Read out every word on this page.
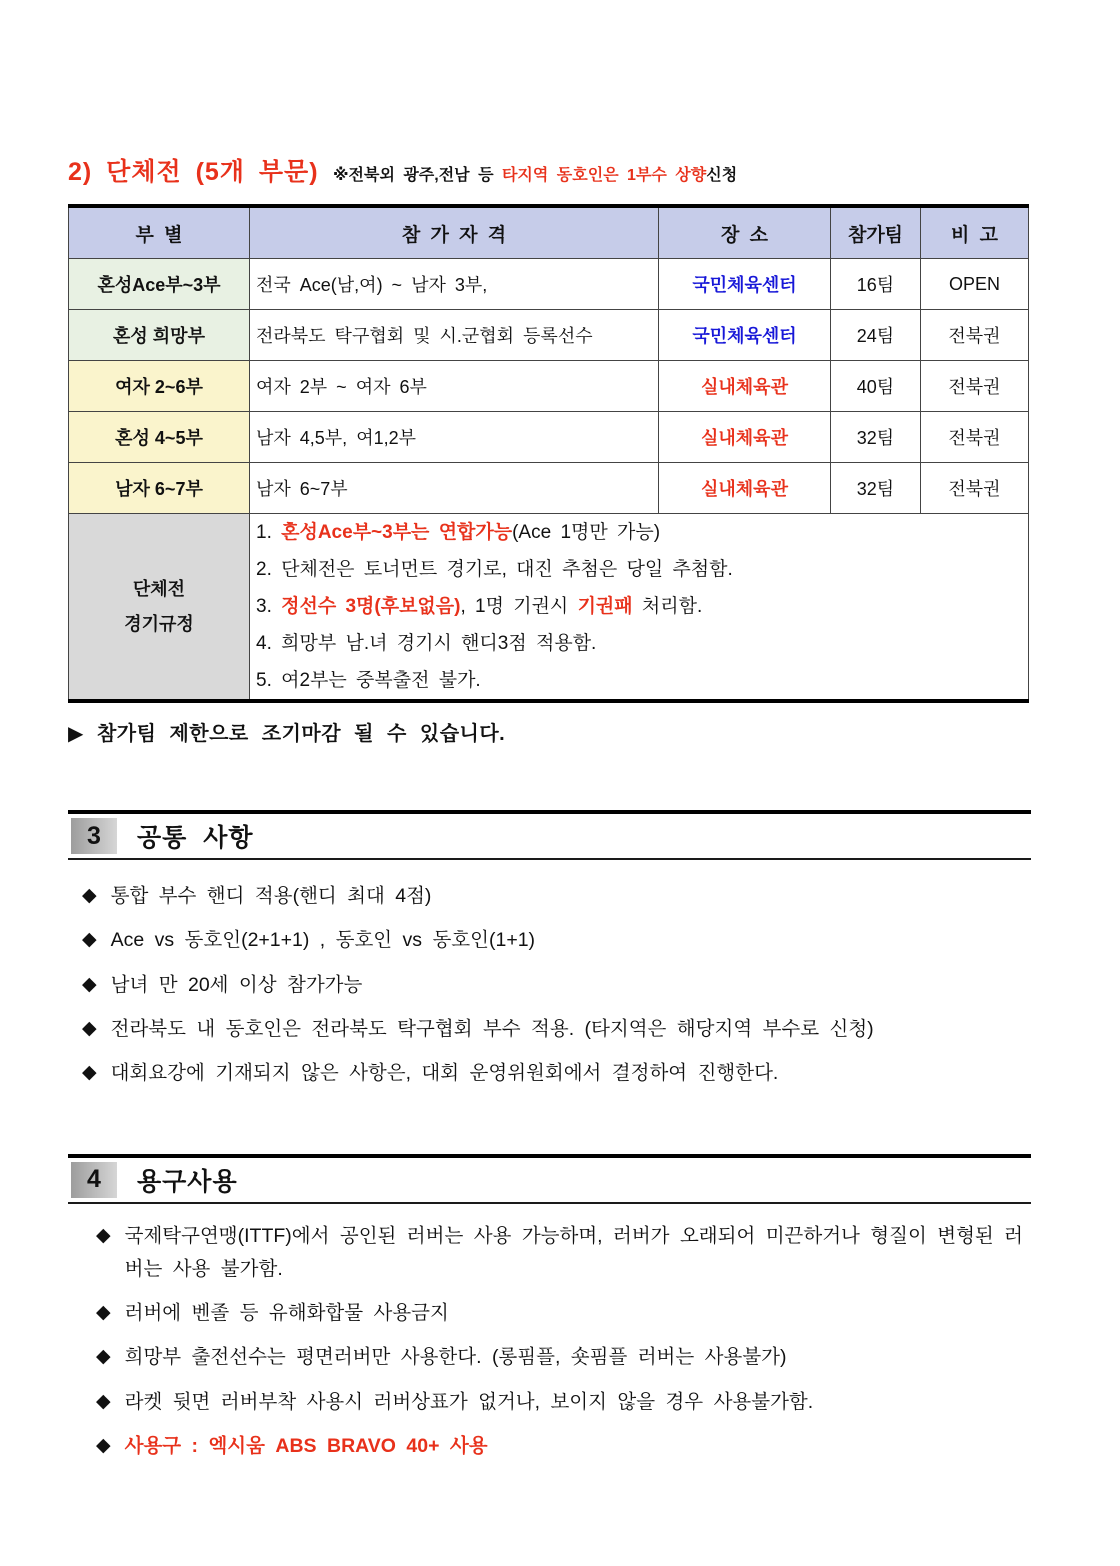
2) 단체전 (5개 부문) ※전북외 광주,전남 등 타지역 동호인은 1부수 상향신청
부 별	참 가 자 격	장 소	참가팀	비 고
혼성Ace부~3부	전국 Ace(남,여) ~ 남자 3부,	국민체육센터	16팀	OPEN
혼성 희망부	전라북도 탁구협회 및 시.군협회 등록선수	국민체육센터	24팀	전북권
여자 2~6부	여자 2부 ~ 여자 6부	실내체육관	40팀	전북권
혼성 4~5부	남자 4,5부, 여1,2부	실내체육관	32팀	전북권
남자 6~7부	남자 6~7부	실내체육관	32팀	전북권

단체전
경기규정

1. 혼성Ace부~3부는 연합가능(Ace 1명만 가능)
2. 단체전은 토너먼트 경기로, 대진 추첨은 당일 추첨함.
3. 정선수 3명(후보없음), 1명 기권시 기권패 처리함.
4. 희망부 남.녀 경기시 핸디3점 적용함.
5. 여2부는 중복출전 불가.
▶ 참가팀 제한으로 조기마감 될 수 있습니다.
3	공통 사항
◆ 통합 부수 핸디 적용(핸디 최대 4점)
◆ Ace vs 동호인(2+1+1) , 동호인 vs 동호인(1+1)
◆ 남녀 만 20세 이상 참가가능
◆ 전라북도 내 동호인은 전라북도 탁구협회 부수 적용. (타지역은 해당지역 부수로 신청)
◆ 대회요강에 기재되지 않은 사항은, 대회 운영위원회에서 결정하여 진행한다.
4	용구사용
◆ 국제탁구연맹(ITTF)에서 공인된 러버는 사용 가능하며, 러버가 오래되어 미끈하거나 형질이 변형된 러버는 사용 불가함.
◆ 러버에 벤졸 등 유해화합물 사용금지
◆ 희망부 출전선수는 평면러버만 사용한다. (롱핌플, 숏핌플 러버는 사용불가)
◆ 라켓 뒷면 러버부착 사용시 러버상표가 없거나, 보이지 않을 경우 사용불가함.
◆ 사용구 : 엑시움 ABS BRAVO 40+ 사용
